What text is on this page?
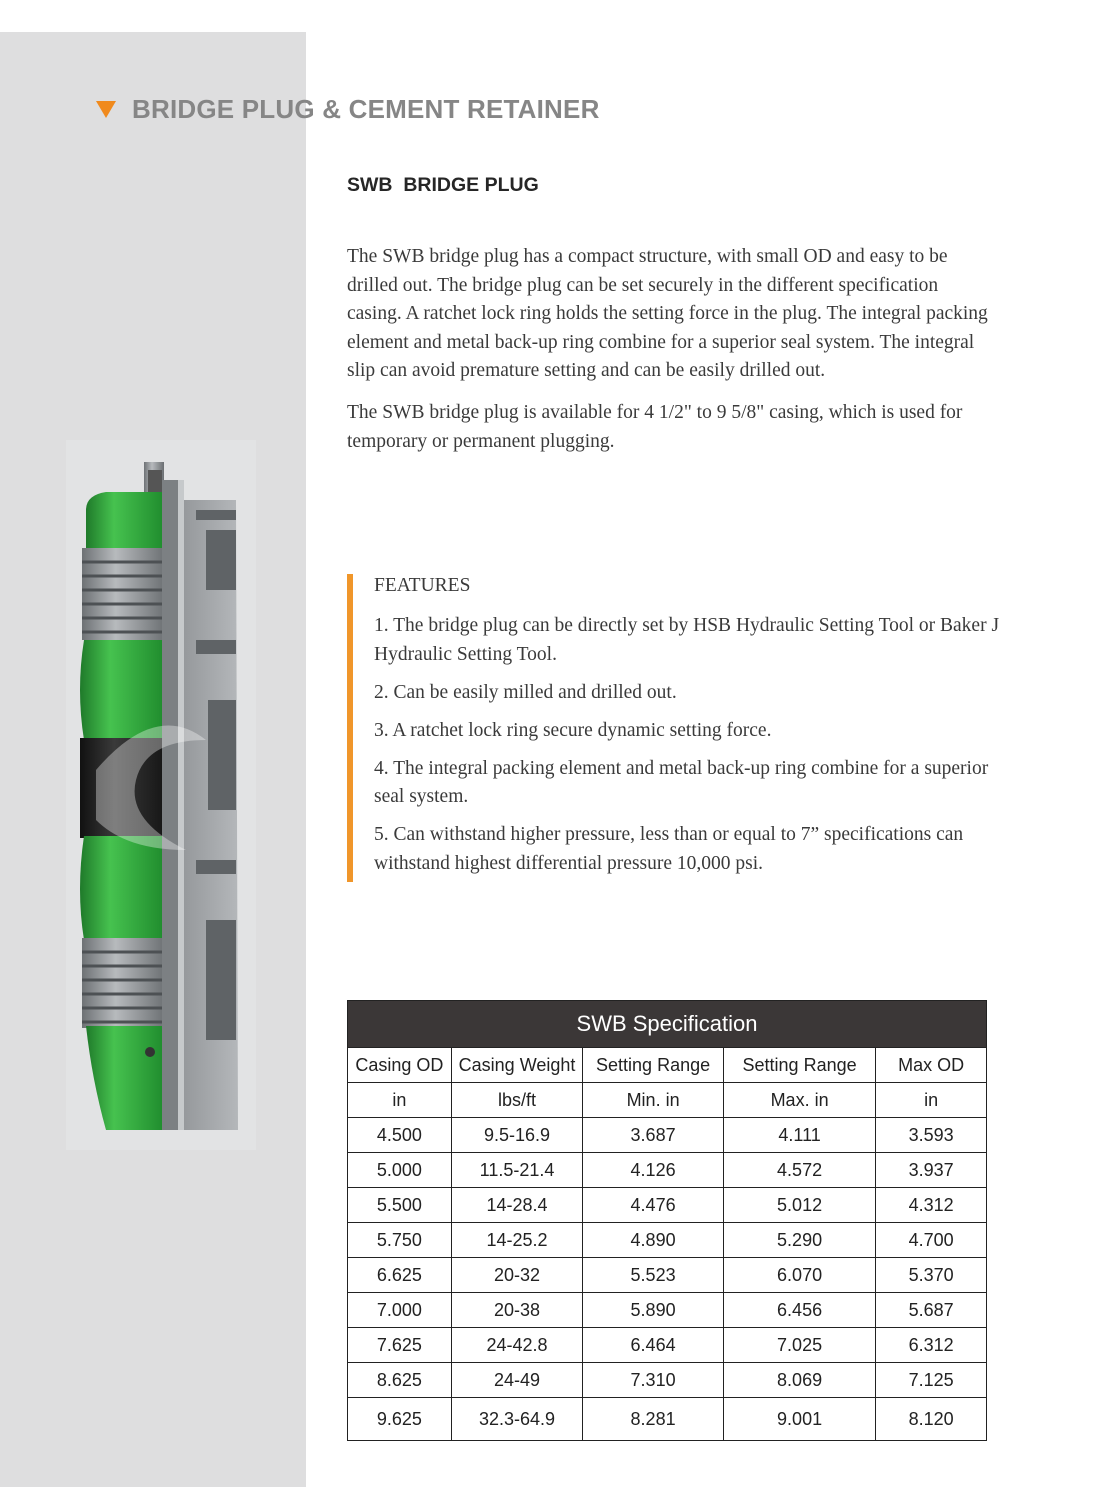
BRIDGE PLUG & CEMENT RETAINER
SWB  BRIDGE PLUG

The SWB bridge plug has a compact structure, with small OD and easy to be drilled out. The bridge plug can be set securely in the different specification casing. A ratchet lock ring holds the setting force in the plug. The integral packing element and metal back-up ring combine for a superior seal system. The integral slip can avoid premature setting and can be easily drilled out.

The SWB bridge plug is available for 4 1/2" to 9 5/8" casing, which is used for temporary or permanent plugging.

FEATURES
1. The bridge plug can be directly set by HSB Hydraulic Setting Tool or Baker J Hydraulic Setting Tool.
2. Can be easily milled and drilled out.
3. A ratchet lock ring secure dynamic setting force.
4. The integral packing element and metal back-up ring combine for a superior seal system.
5. Can withstand higher pressure, less than or equal to 7” specifications can withstand highest differential pressure 10,000 psi.
SWB Specification				
Casing OD	Casing Weight	Setting Range	Setting Range	Max OD
in	lbs/ft	Min. in	Max. in	in
4.500	9.5-16.9	3.687	4.111	3.593
5.000	11.5-21.4	4.126	4.572	3.937
5.500	14-28.4	4.476	5.012	4.312
5.750	14-25.2	4.890	5.290	4.700
6.625	20-32	5.523	6.070	5.370
7.000	20-38	5.890	6.456	5.687
7.625	24-42.8	6.464	7.025	6.312
8.625	24-49	7.310	8.069	7.125
9.625	32.3-64.9	8.281	9.001	8.120
